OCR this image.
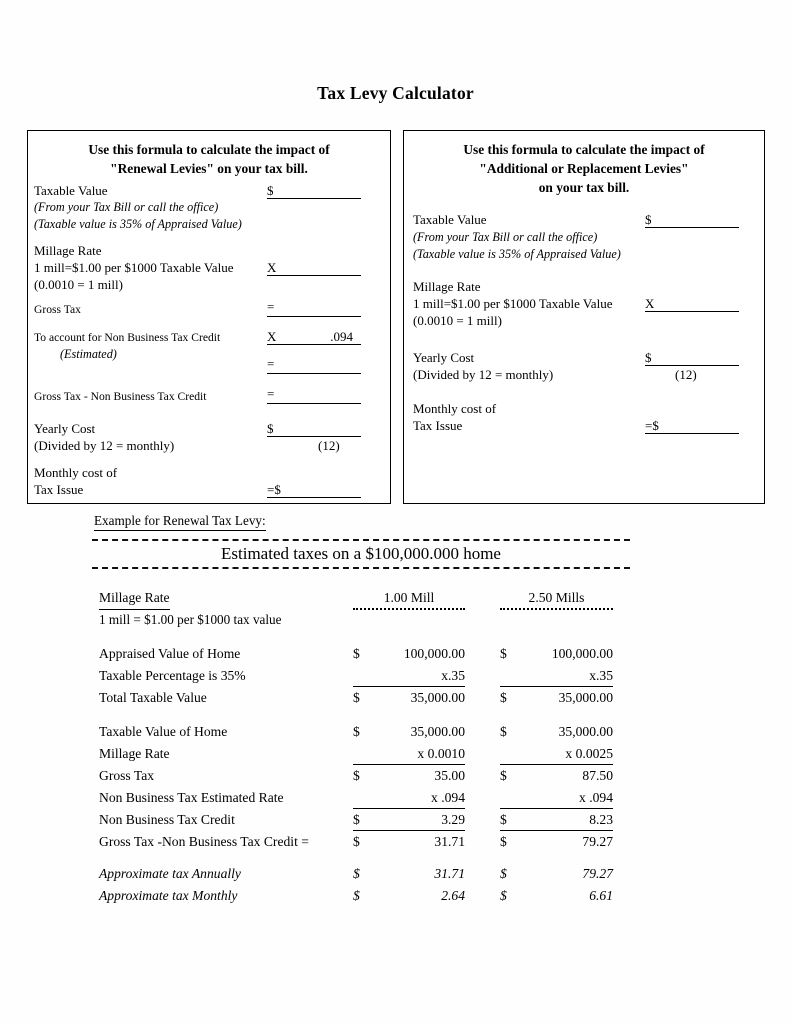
Tax Levy Calculator
Use this formula to calculate the impact of
"Renewal Levies" on your tax bill.
Taxable Value	$
(From your Tax Bill or call the office)
(Taxable value is 35% of Appraised Value)
Millage Rate
1 mill=$1.00 per $1000 Taxable Value	X
(0.0010 = 1 mill)
Gross Tax	=
To account for Non Business Tax Credit	X	.094
(Estimated)
=
Gross Tax - Non Business Tax Credit	=
Yearly Cost	$
(Divided by 12 = monthly)	(12)
Monthly cost of
Tax Issue	=$
Use this formula to calculate the impact of
"Additional or Replacement Levies"
on your tax bill.
Taxable Value	$
(From your Tax Bill or call the office)
(Taxable value is 35% of Appraised Value)
Millage Rate
1 mill=$1.00 per $1000 Taxable Value	X
(0.0010 = 1 mill)
Yearly Cost	$
(Divided by 12 = monthly)	(12)
Monthly cost of
Tax Issue	=$
Example for Renewal Tax Levy:
Estimated taxes on a $100,000.000 home
Millage Rate	1.00 Mill	2.50 Mills
1 mill = $1.00 per $1000 tax value
Appraised Value of Home	$	100,000.00	$	100,000.00
Taxable Percentage is 35%	x.35	x.35
Total Taxable Value	$	35,000.00	$	35,000.00
Taxable Value of Home	$	35,000.00	$	35,000.00
Millage Rate	x 0.0010	x 0.0025
Gross Tax	$	35.00	$	87.50
Non Business Tax Estimated Rate	x .094	x .094
Non Business Tax Credit	$	3.29	$	8.23
Gross Tax -Non Business Tax Credit =	$	31.71	$	79.27
Approximate tax Annually	$	31.71	$	79.27
Approximate tax Monthly	$	2.64	$	6.61
